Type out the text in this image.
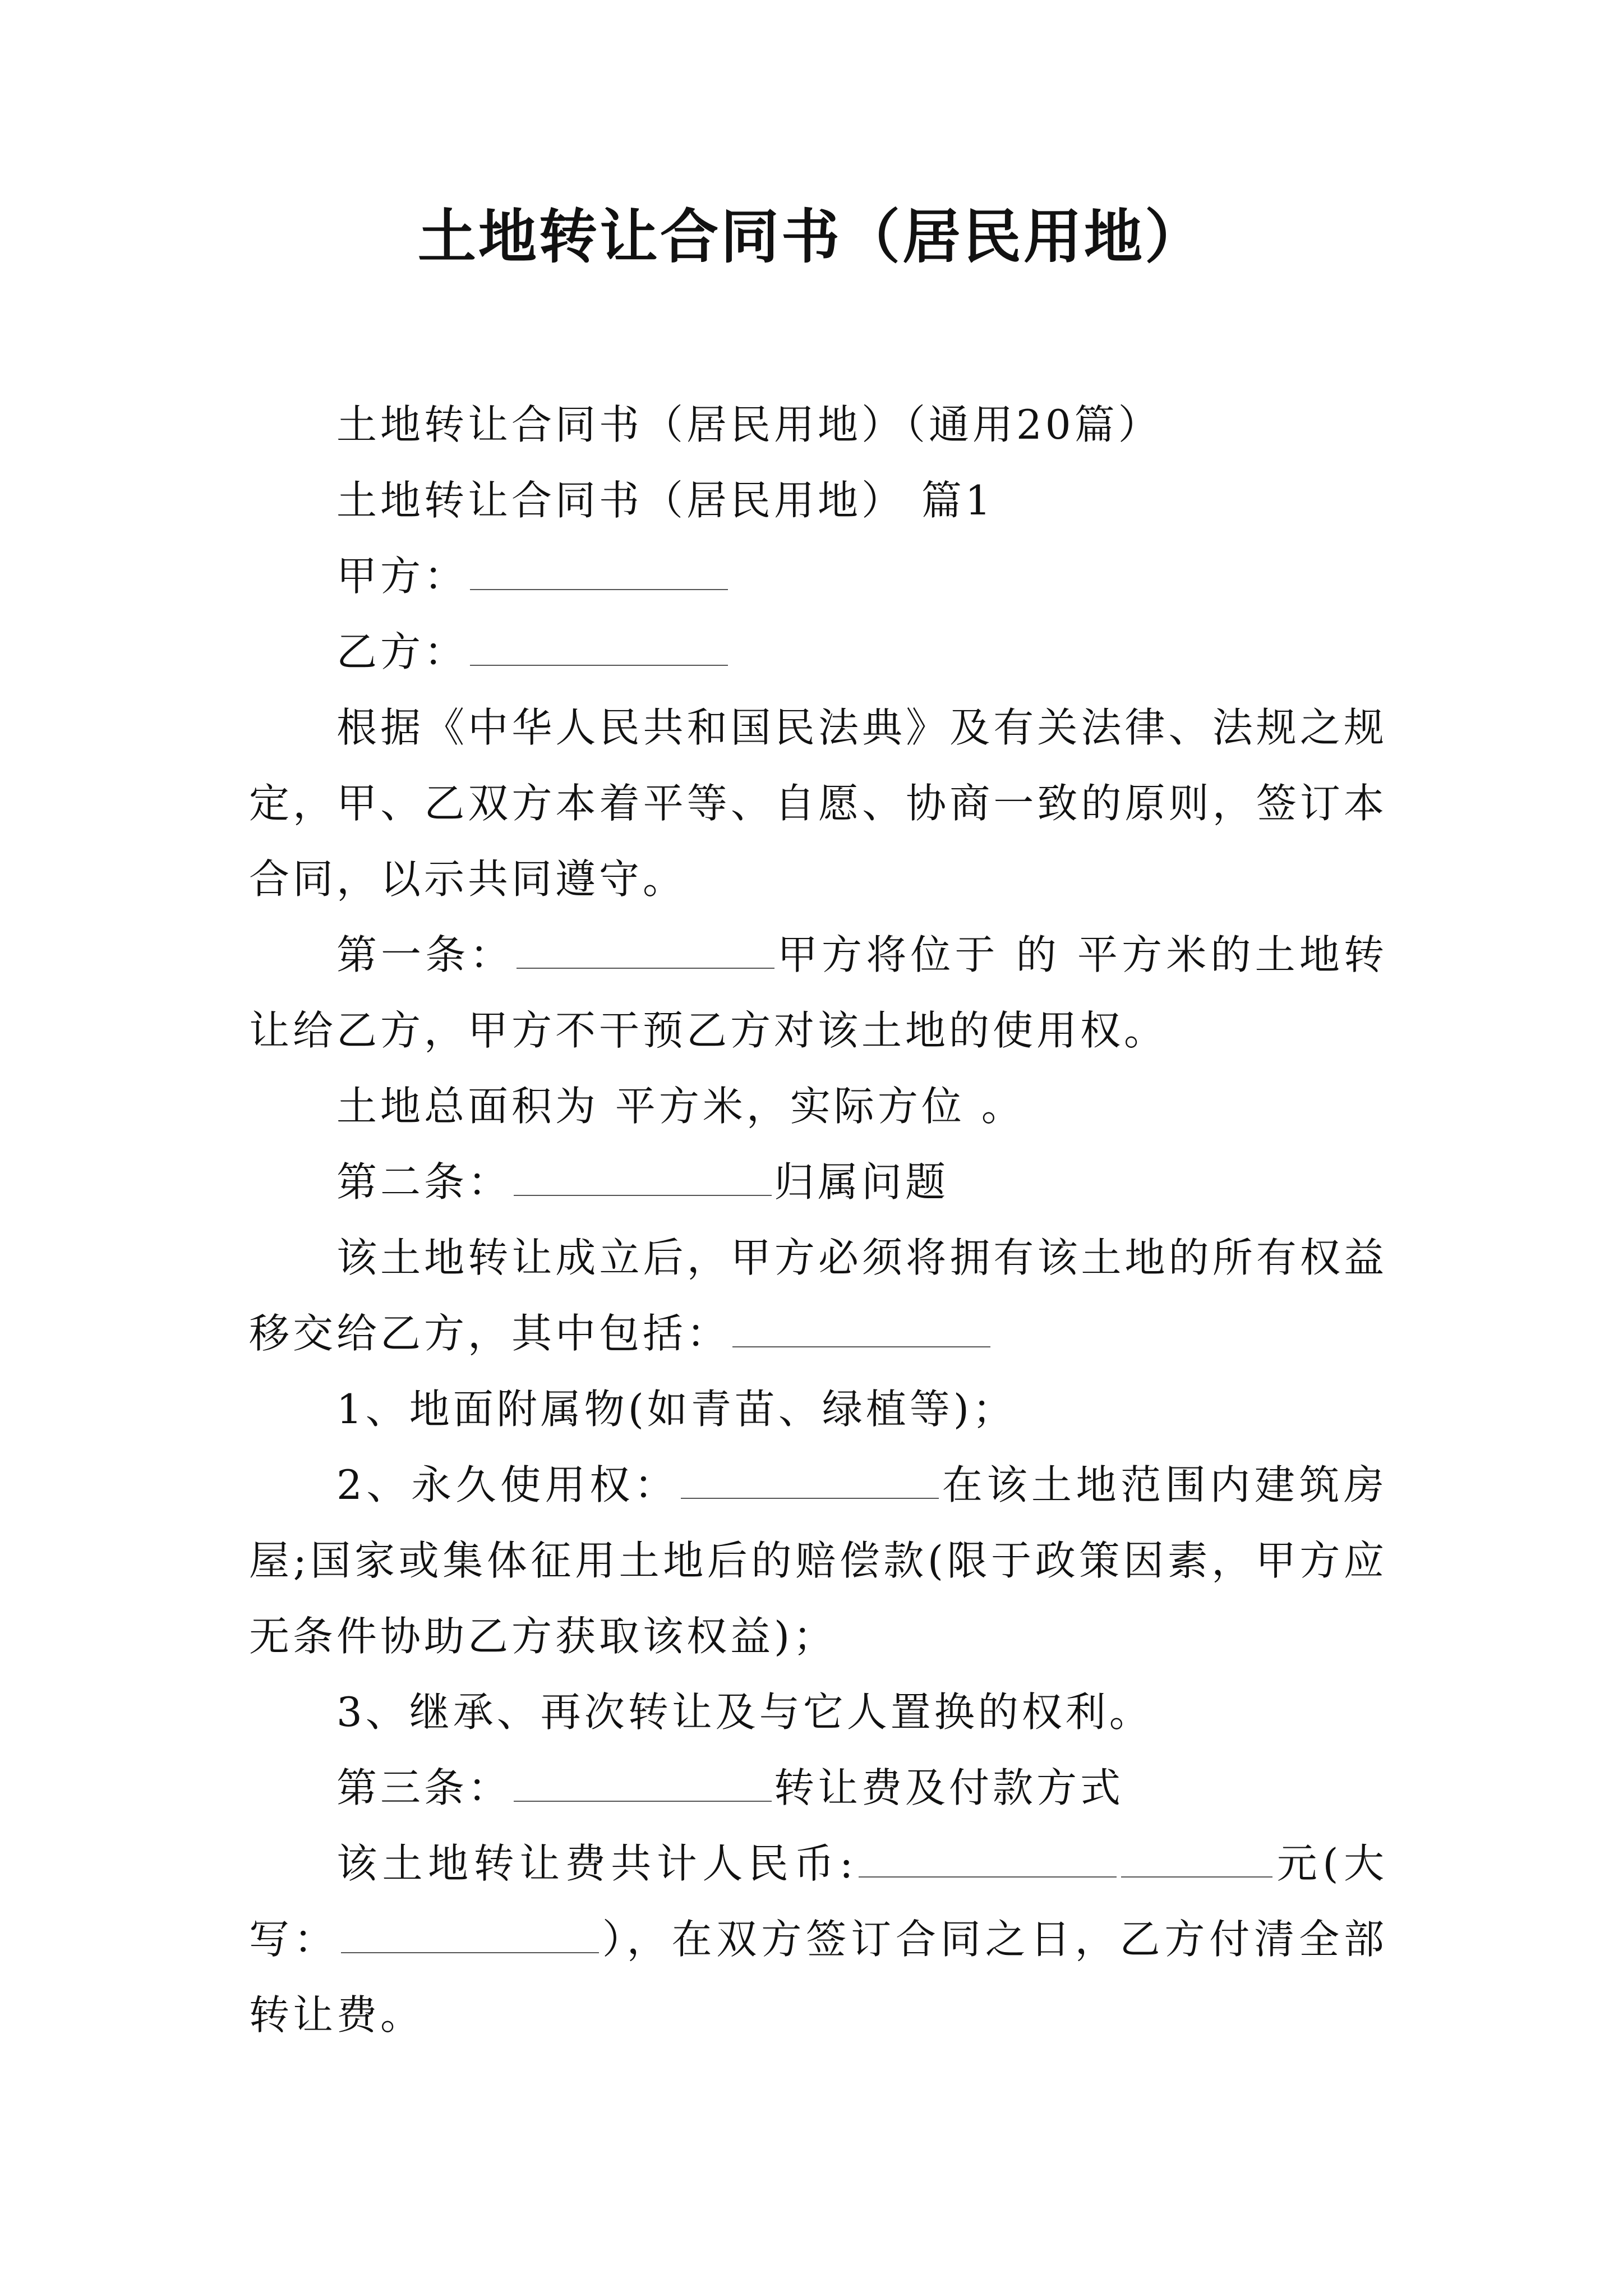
土地转让合同书（居民用地）

土地转让合同书（居民用地）（通用20篇）

土地转让合同书（居民用地） 篇1

甲方：

乙方：

根据《中华人民共和国民法典》及有关法律、法规之规定，甲、乙双方本着平等、自愿、协商一致的原则，签订本合同，以示共同遵守。

第一条：	甲方将位于 的 平方米的土地转让给乙方，甲方不干预乙方对该土地的使用权。

土地总面积为 平方米，实际方位 。

第二条：	归属问题

该土地转让成立后，甲方必须将拥有该土地的所有权益移交给乙方，其中包括：

1、地面附属物(如青苗、绿植等)；

2、永久使用权：	在该土地范围内建筑房屋;国家或集体征用土地后的赔偿款(限于政策因素，甲方应无条件协助乙方获取该权益)；

3、继承、再次转让及与它人置换的权利。

第三条：	转让费及付款方式

该土地转让费共计人民币:	元(大写：	），在双方签订合同之日，乙方付清全部转让费。
